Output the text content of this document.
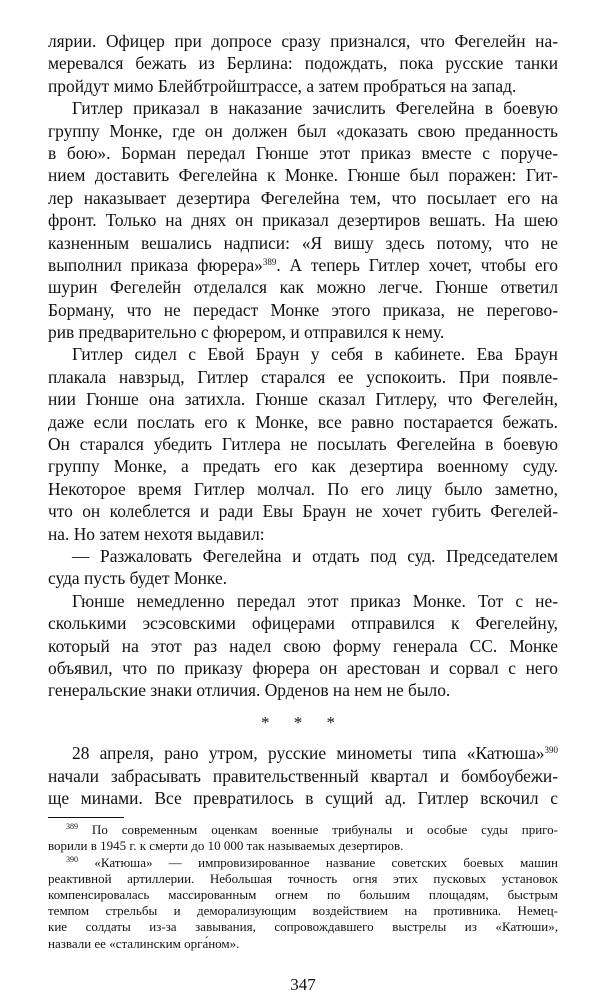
лярии. Офицер при допросе сразу признался, что Фегелейн на-
меревался бежать из Берлина: подождать, пока русские танки
пройдут мимо Блейбтройштрассе, а затем пробраться на запад.
Гитлер приказал в наказание зачислить Фегелейна в боевую
группу Монке, где он должен был «доказать свою преданность
в бою». Борман передал Гюнше этот приказ вместе с поруче-
нием доставить Фегелейна к Монке. Гюнше был поражен: Гит-
лер наказывает дезертира Фегелейна тем, что посылает его на
фронт. Только на днях он приказал дезертиров вешать. На шею
казненным вешались надписи: «Я вишу здесь потому, что не
выполнил приказа фюрера»$^{389}$. А теперь Гитлер хочет, чтобы его
шурин Фегелейн отделался как можно легче. Гюнше ответил
Борману, что не передаст Монке этого приказа, не перегово-
рив предварительно с фюрером, и отправился к нему.
Гитлер сидел с Евой Браун у себя в кабинете. Ева Браун
плакала навзрыд, Гитлер старался ее успокоить. При появле-
нии Гюнше она затихла. Гюнше сказал Гитлеру, что Фегелейн,
даже если послать его к Монке, все равно постарается бежать.
Он старался убедить Гитлера не посылать Фегелейна в боевую
группу Монке, а предать его как дезертира военному суду.
Некоторое время Гитлер молчал. По его лицу было заметно,
что он колеблется и ради Евы Браун не хочет губить Фегелей-
на. Но затем нехотя выдавил:
— Разжаловать Фегелейна и отдать под суд. Председателем
суда пусть будет Монке.
Гюнше немедленно передал этот приказ Монке. Тот с не-
сколькими эсэсовскими офицерами отправился к Фегелейну,
который на этот раз надел свою форму генерала СС. Монке
объявил, что по приказу фюрера он арестован и сорвал с него
генеральские знаки отличия. Орденов на нем не было.
* * *
28 апреля, рано утром, русские минометы типа «Катюша»$^{390}$
начали забрасывать правительственный квартал и бомбоубежи-
ще минами. Все превратилось в сущий ад. Гитлер вскочил с
$^{389}$ По современным оценкам военные трибуналы и особые суды приго-
ворили в 1945 г. к смерти до 10 000 так называемых дезертиров.
$^{390}$ «Катюша» — импровизированное название советских боевых машин
реактивной артиллерии. Небольшая точность огня этих пусковых установок
компенсировалась массированным огнем по большим площадям, быстрым
темпом стрельбы и деморализующим воздействием на противника. Немец-
кие солдаты из-за завывания, сопровождавшего выстрелы из «Катюши»,
назвали ее «сталинским орга́ном».
347
